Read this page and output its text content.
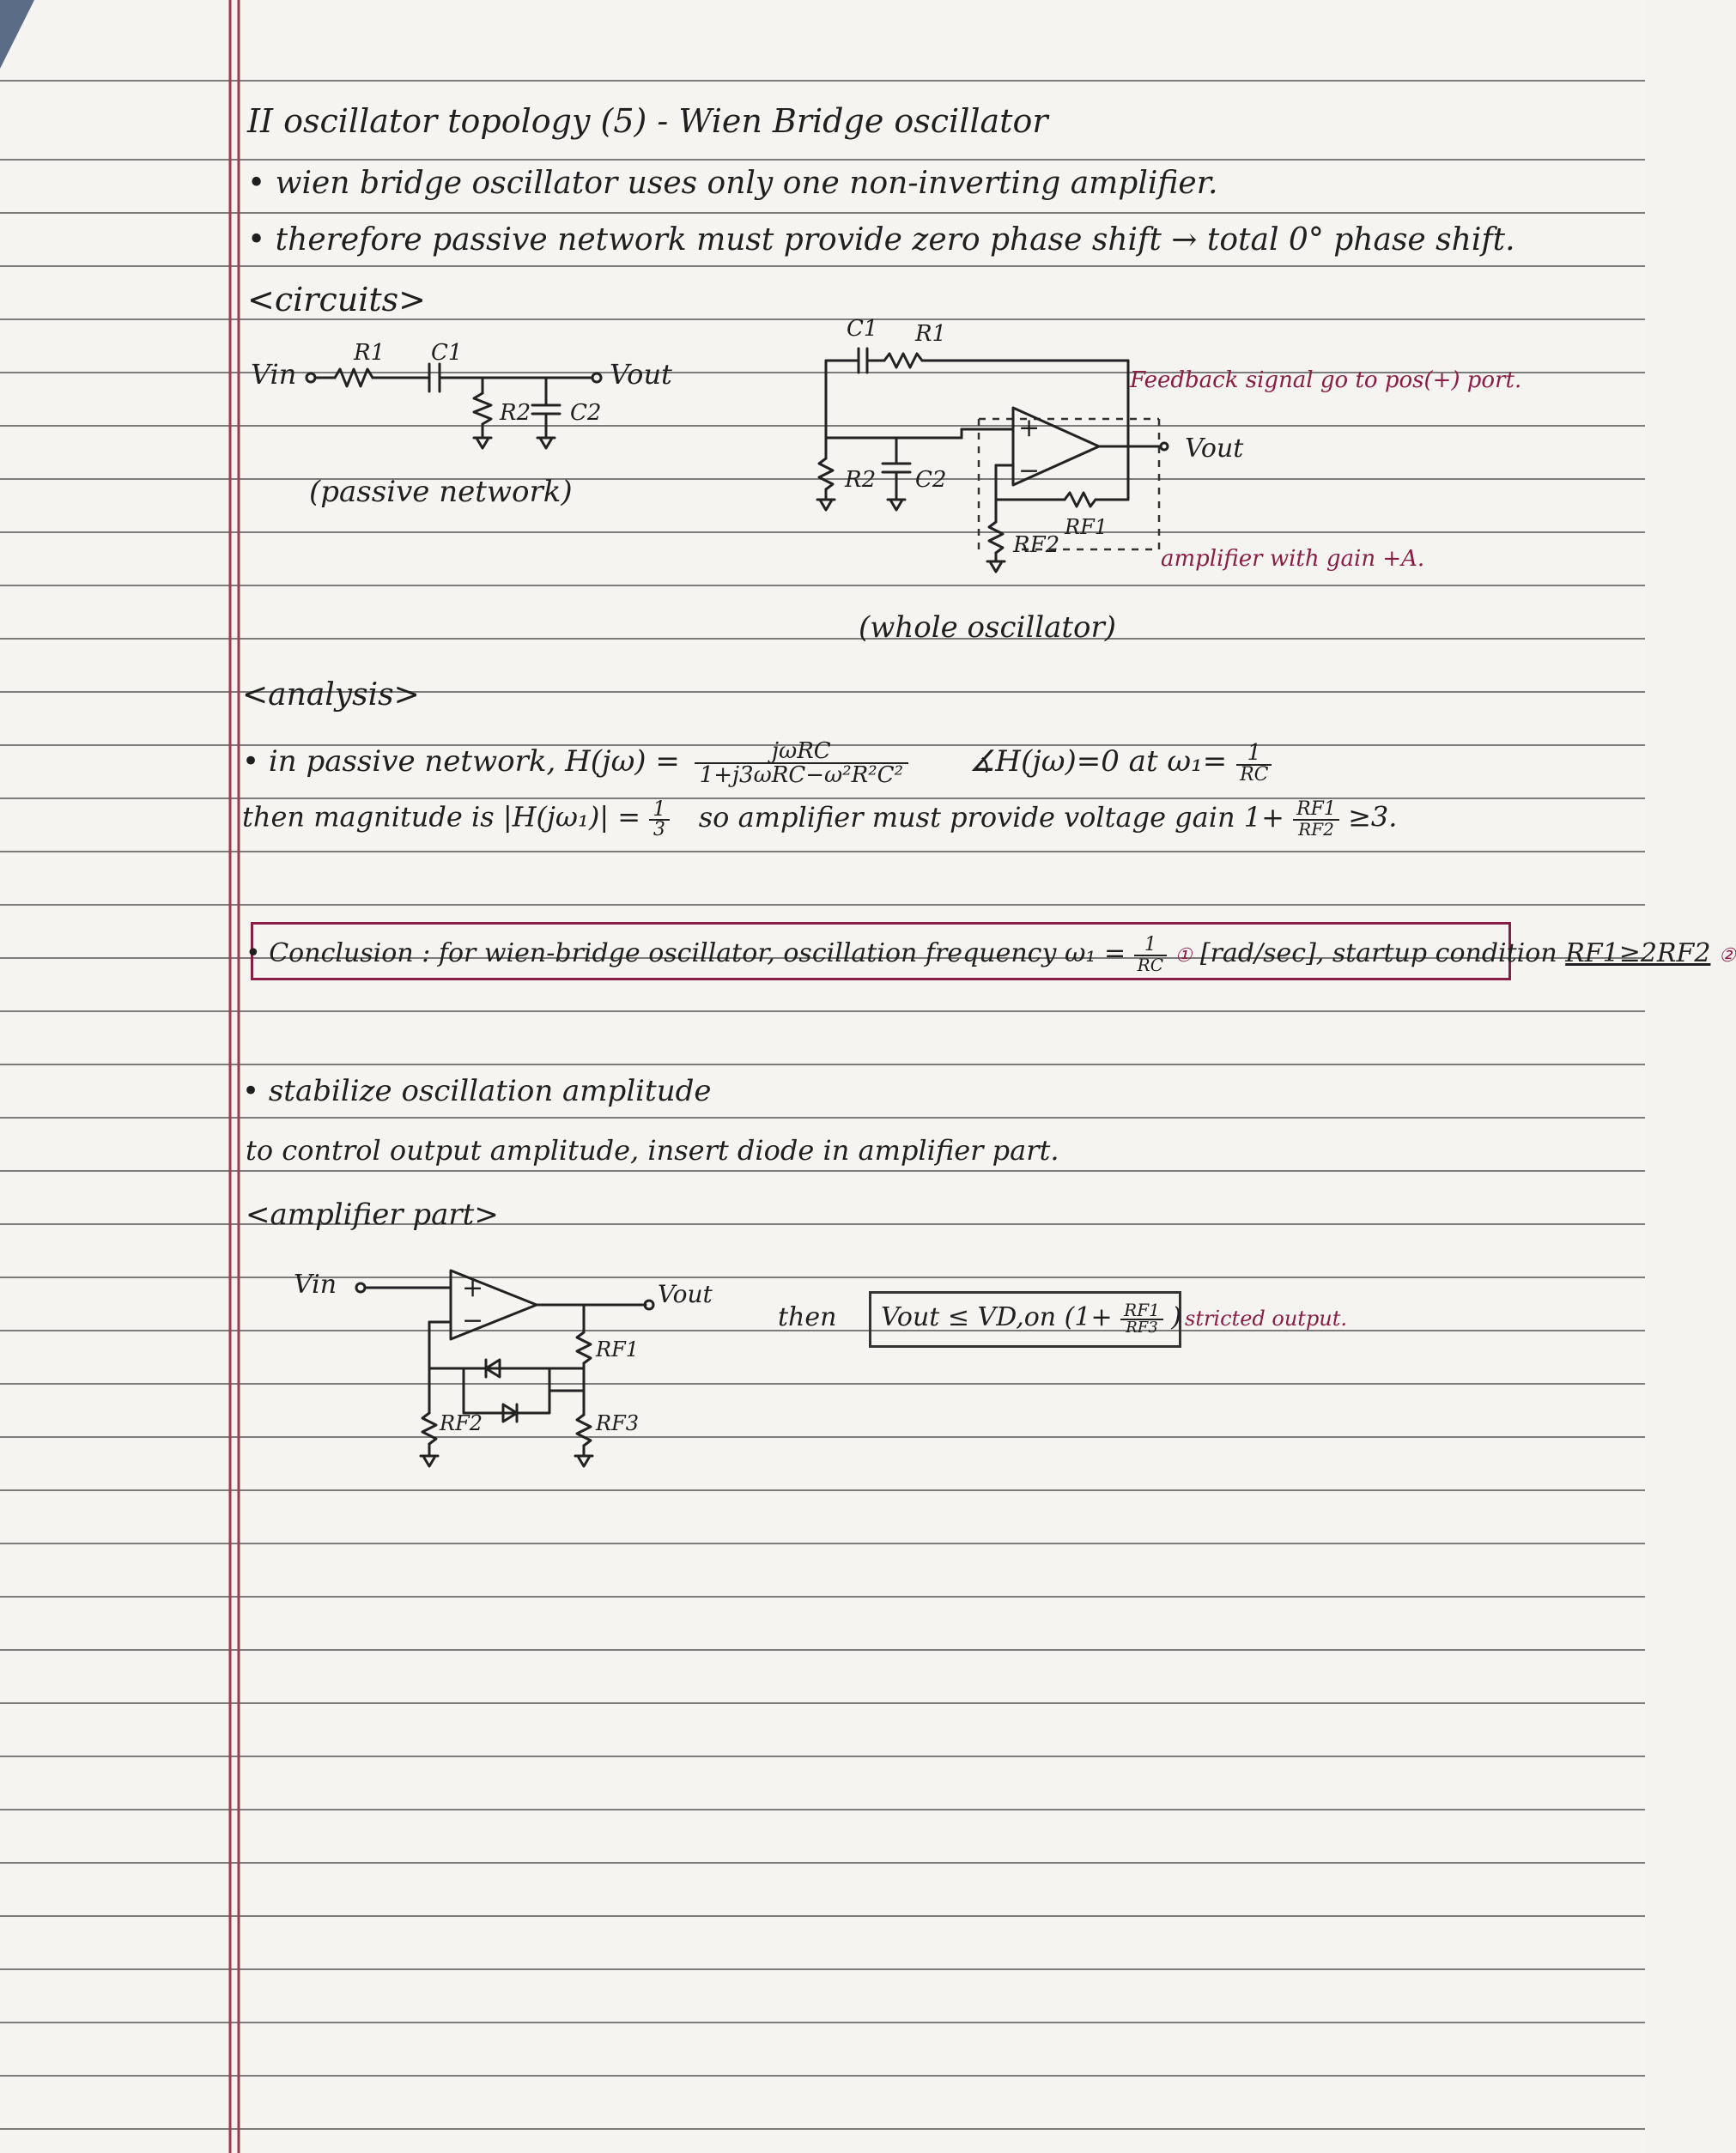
II oscillator topology (5) - Wien Bridge oscillator
• wien bridge oscillator uses only one non-inverting amplifier.
• therefore passive network must provide zero phase shift → total 0° phase shift.
<circuits>
Vin
R1 C1
Vout
R2 C2
(passive network)
C1 R1
R2 C2
+
−
RF1
RF2
Vout
Feedback signal go to pos(+) port.
amplifier with gain +A.
(whole oscillator)
<analysis>
• in passive network, $H(j\omega) = \frac{\text{jωRC}}{\text{1+j3ωRC−ω²R²C²}}$ ∡H(jω)=0 at $\omega_1= \frac{1}{RC}$
then magnitude is $|H(j\omega_1)| = \frac{1}{3}$ so amplifier must provide voltage gain $1+ \frac{RF1}{RF2} \ge 3$.
• Conclusion : for wien-bridge oscillator, oscillation frequency $\omega_1 = \frac{1}{RC}$ ① [rad/sec], startup condition RF1≥2RF2 ②
• stabilize oscillation amplitude
to control output amplitude, insert diode in amplifier part.
<amplifier part>
Vin	+
−
Vout
RF1
RF2	RF3
then Vout ≤ VD,on ($1+ \frac{RF1}{RF3}$ ) stricted output.
